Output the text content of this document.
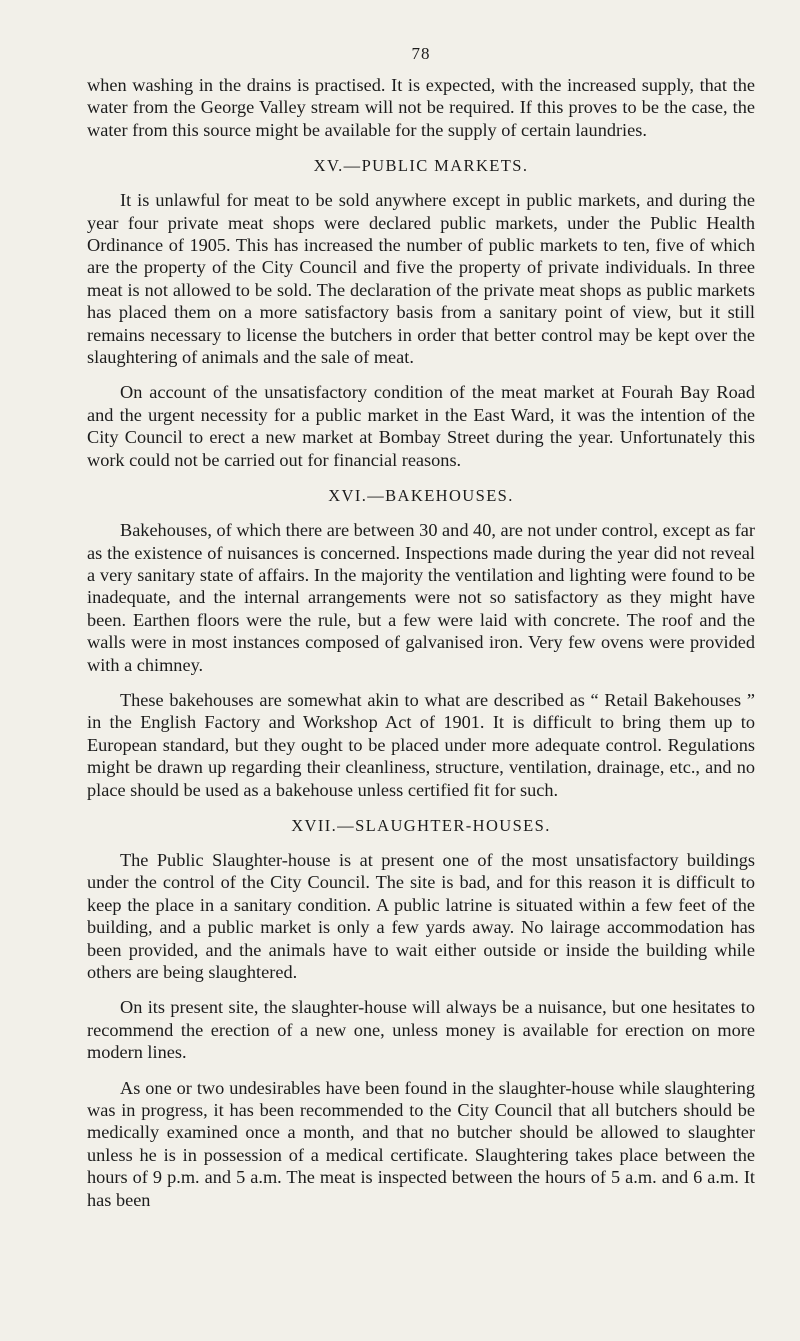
78

when washing in the drains is practised. It is expected, with the increased supply, that the water from the George Valley stream will not be required. If this proves to be the case, the water from this source might be available for the supply of certain laundries.

XV.—PUBLIC MARKETS.

It is unlawful for meat to be sold anywhere except in public markets, and during the year four private meat shops were declared public markets, under the Public Health Ordinance of 1905. This has increased the number of public markets to ten, five of which are the property of the City Council and five the property of private individuals. In three meat is not allowed to be sold. The declaration of the private meat shops as public markets has placed them on a more satisfactory basis from a sanitary point of view, but it still remains necessary to license the butchers in order that better control may be kept over the slaughtering of animals and the sale of meat.

On account of the unsatisfactory condition of the meat market at Fourah Bay Road and the urgent necessity for a public market in the East Ward, it was the intention of the City Council to erect a new market at Bombay Street during the year. Unfortunately this work could not be carried out for financial reasons.

XVI.—BAKEHOUSES.

Bakehouses, of which there are between 30 and 40, are not under control, except as far as the existence of nuisances is concerned. Inspections made during the year did not reveal a very sanitary state of affairs. In the majority the ventilation and lighting were found to be inadequate, and the internal arrangements were not so satisfactory as they might have been. Earthen floors were the rule, but a few were laid with concrete. The roof and the walls were in most instances composed of galvanised iron. Very few ovens were provided with a chimney.

These bakehouses are somewhat akin to what are described as “ Retail Bakehouses ” in the English Factory and Workshop Act of 1901. It is difficult to bring them up to European standard, but they ought to be placed under more adequate control. Regulations might be drawn up regarding their cleanliness, structure, ventilation, drainage, etc., and no place should be used as a bakehouse unless certified fit for such.

XVII.—SLAUGHTER-HOUSES.

The Public Slaughter-house is at present one of the most unsatisfactory buildings under the control of the City Council. The site is bad, and for this reason it is difficult to keep the place in a sanitary condition. A public latrine is situated within a few feet of the building, and a public market is only a few yards away. No lairage accommodation has been provided, and the animals have to wait either outside or inside the building while others are being slaughtered.

On its present site, the slaughter-house will always be a nuisance, but one hesitates to recommend the erection of a new one, unless money is available for erection on more modern lines.

As one or two undesirables have been found in the slaughter-house while slaughtering was in progress, it has been recommended to the City Council that all butchers should be medically examined once a month, and that no butcher should be allowed to slaughter unless he is in possession of a medical certificate. Slaughtering takes place between the hours of 9 p.m. and 5 a.m. The meat is inspected between the hours of 5 a.m. and 6 a.m. It has been
